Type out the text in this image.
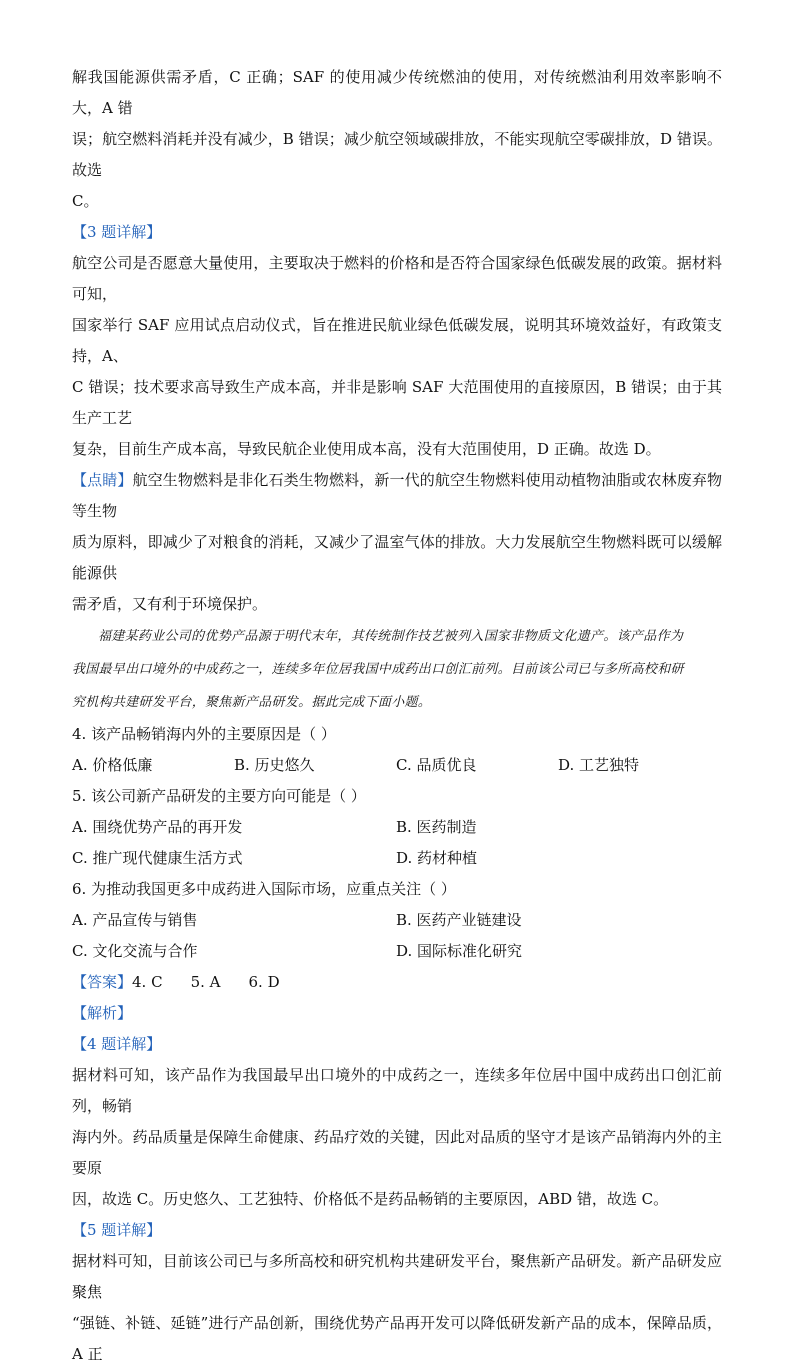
解我国能源供需矛盾，C 正确；SAF 的使用减少传统燃油的使用，对传统燃油利用效率影响不大，A 错

误；航空燃料消耗并没有减少，B 错误；减少航空领域碳排放，不能实现航空零碳排放，D 错误。故选

C。

【3 题详解】

航空公司是否愿意大量使用，主要取决于燃料的价格和是否符合国家绿色低碳发展的政策。据材料可知，

国家举行 SAF 应用试点启动仪式，旨在推进民航业绿色低碳发展，说明其环境效益好，有政策支持，A、

C 错误；技术要求高导致生产成本高，并非是影响 SAF 大范围使用的直接原因，B 错误；由于其生产工艺

复杂，目前生产成本高，导致民航企业使用成本高，没有大范围使用，D 正确。故选 D。

【点睛】航空生物燃料是非化石类生物燃料，新一代的航空生物燃料使用动植物油脂或农林废弃物等生物

质为原料，即减少了对粮食的消耗，又减少了温室气体的排放。大力发展航空生物燃料既可以缓解能源供

需矛盾，又有利于环境保护。

福建某药业公司的优势产品源于明代末年，其传统制作技艺被列入国家非物质文化遗产。该产品作为

我国最早出口境外的中成药之一，连续多年位居我国中成药出口创汇前列。目前该公司已与多所高校和研

究机构共建研发平台，聚焦新产品研发。据此完成下面小题。

4. 该产品畅销海内外的主要原因是（ ）

A. 价格低廉	B. 历史悠久	C. 品质优良	D. 工艺独特

5. 该公司新产品研发的主要方向可能是（ ）

A. 围绕优势产品的再开发	B. 医药制造
C. 推广现代健康生活方式	D. 药材种植

6. 为推动我国更多中成药进入国际市场，应重点关注（ ）

A. 产品宣传与销售	B. 医药产业链建设
C. 文化交流与合作	D. 国际标准化研究

【答案】4. C 5. A 6. D

【解析】

【4 题详解】

据材料可知，该产品作为我国最早出口境外的中成药之一，连续多年位居中国中成药出口创汇前列，畅销

海内外。药品质量是保障生命健康、药品疗效的关键，因此对品质的坚守才是该产品销海内外的主要原

因，故选 C。历史悠久、工艺独特、价格低不是药品畅销的主要原因，ABD 错，故选 C。

【5 题详解】

据材料可知，目前该公司已与多所高校和研究机构共建研发平台，聚焦新产品研发。新产品研发应聚焦

“强链、补链、延链”进行产品创新，围绕优势产品再开发可以降低研发新产品的成本，保障品质，A 正
